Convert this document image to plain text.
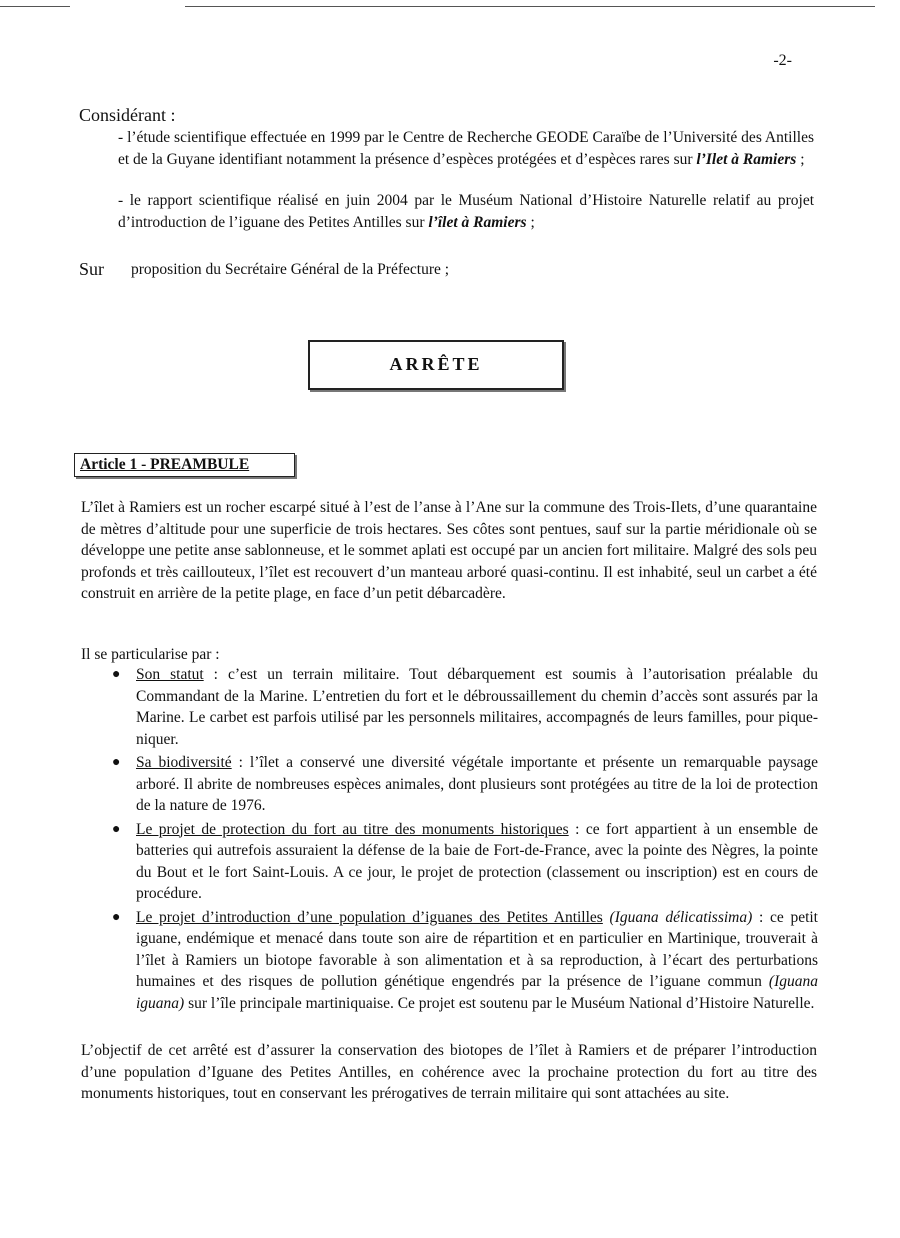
-2-
Considérant :
- l’étude scientifique effectuée en 1999 par le Centre de Recherche GEODE Caraïbe de l’Université des Antilles et de la Guyane identifiant notamment la présence d’espèces protégées et d’espèces rares sur l’Ilet à Ramiers ;
- le rapport scientifique réalisé en juin 2004 par le Muséum National d’Histoire Naturelle relatif au projet d’introduction de l’iguane des Petites Antilles sur l’îlet à Ramiers ;
Sur proposition du Secrétaire Général de la Préfecture ;
ARRÊTE
Article 1 - PREAMBULE
L’îlet à Ramiers est un rocher escarpé situé à l’est de l’anse à l’Ane sur la commune des Trois-Ilets, d’une quarantaine de mètres d’altitude pour une superficie de trois hectares. Ses côtes sont pentues, sauf sur la partie méridionale où se développe une petite anse sablonneuse, et le sommet aplati est occupé par un ancien fort militaire. Malgré des sols peu profonds et très caillouteux, l’îlet est recouvert d’un manteau arboré quasi-continu. Il est inhabité, seul un carbet a été construit en arrière de la petite plage, en face d’un petit débarcadère.
Il se particularise par :
● Son statut : c’est un terrain militaire. Tout débarquement est soumis à l’autorisation préalable du Commandant de la Marine. L’entretien du fort et le débroussaillement du chemin d’accès sont assurés par la Marine. Le carbet est parfois utilisé par les personnels militaires, accompagnés de leurs familles, pour pique-niquer.
● Sa biodiversité : l’îlet a conservé une diversité végétale importante et présente un remarquable paysage arboré. Il abrite de nombreuses espèces animales, dont plusieurs sont protégées au titre de la loi de protection de la nature de 1976.
● Le projet de protection du fort au titre des monuments historiques : ce fort appartient à un ensemble de batteries qui autrefois assuraient la défense de la baie de Fort-de-France, avec la pointe des Nègres, la pointe du Bout et le fort Saint-Louis. A ce jour, le projet de protection (classement ou inscription) est en cours de procédure.
● Le projet d’introduction d’une population d’iguanes des Petites Antilles (Iguana délicatissima) : ce petit iguane, endémique et menacé dans toute son aire de répartition et en particulier en Martinique, trouverait à l’îlet à Ramiers un biotope favorable à son alimentation et à sa reproduction, à l’écart des perturbations humaines et des risques de pollution génétique engendrés par la présence de l’iguane commun (Iguana iguana) sur l’île principale martiniquaise. Ce projet est soutenu par le Muséum National d’Histoire Naturelle.
L’objectif de cet arrêté est d’assurer la conservation des biotopes de l’îlet à Ramiers et de préparer l’introduction d’une population d’Iguane des Petites Antilles, en cohérence avec la prochaine protection du fort au titre des monuments historiques, tout en conservant les prérogatives de terrain militaire qui sont attachées au site.
